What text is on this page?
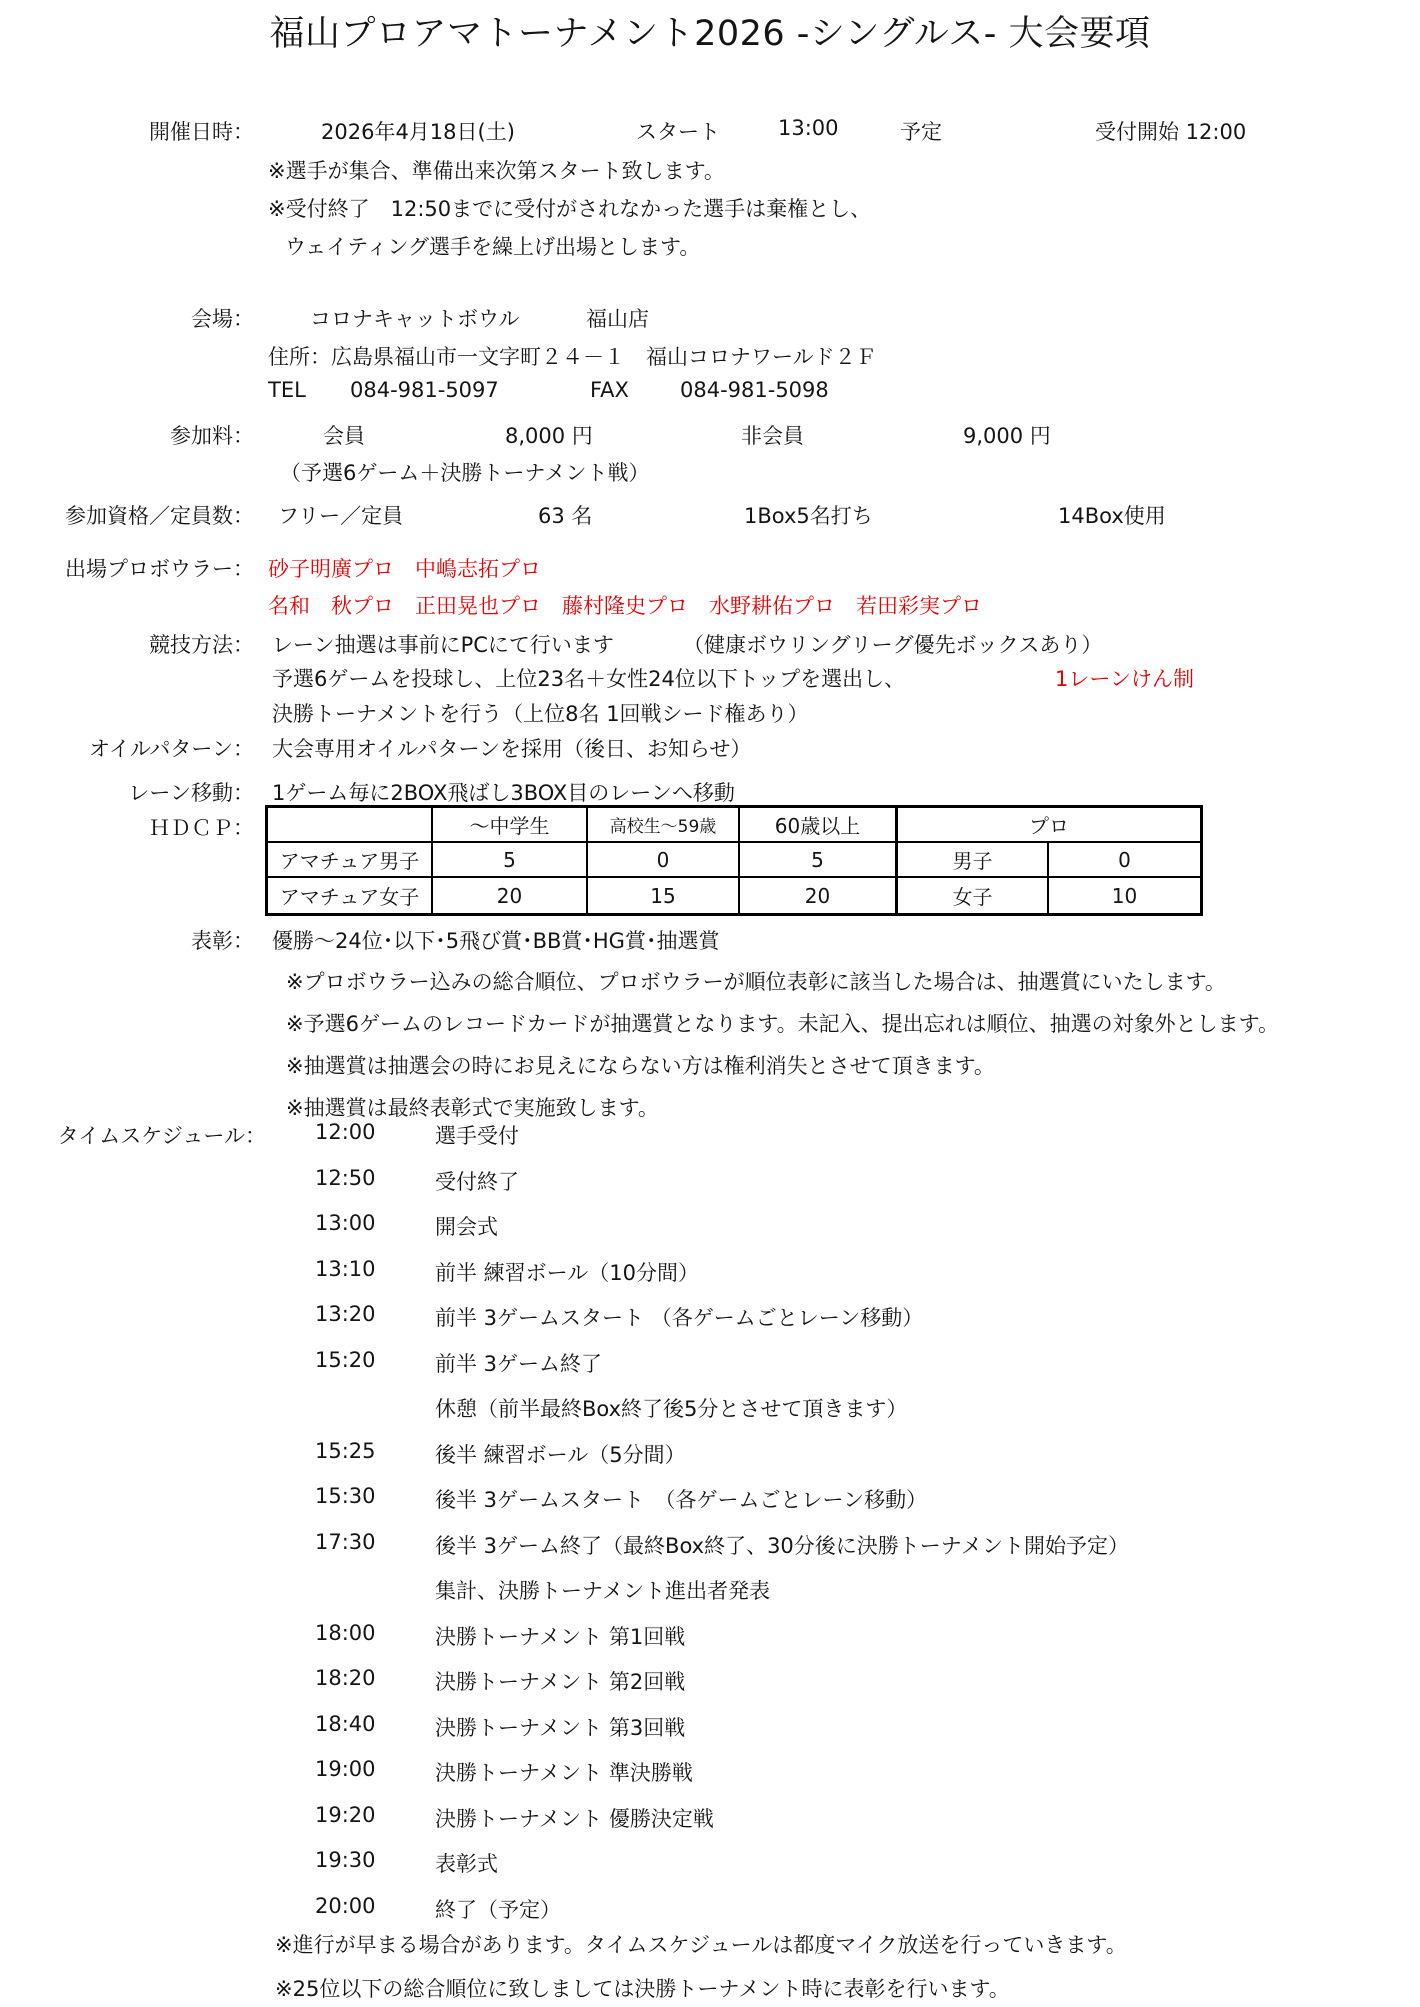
福山プロアマトーナメント2026 -シングルス- 大会要項

開催日時：

	2026年4月18日(土)

	スタート

	13:00

	予定

	受付開始 12:00

※選手が集合、準備出来次第スタート致します。

※受付終了　12:50までに受付がされなかった選手は棄権とし、

ウェイティング選手を繰上げ出場とします。

会場：

	コロナキャットボウル

	福山店

住所：広島県福山市一文字町２４－１　福山コロナワールド２Ｆ

TEL

084-981-5097

	FAX

084-981-5098

参加料：

	会員

	8,000 円

	非会員

	9,000 円

（予選6ゲーム＋決勝トーナメント戦）

参加資格／定員数：

フリー／定員

	63 名

	1Box5名打ち

	14Box使用

出場プロボウラー：

砂子明廣プロ　中嶋志拓プロ

名和　秋プロ　正田晃也プロ　藤村隆史プロ　水野耕佑プロ　若田彩実プロ

競技方法：

レーン抽選は事前にPCにて行います

	（健康ボウリングリーグ優先ボックスあり）

予選6ゲームを投球し、上位23名＋女性24位以下トップを選出し、

	1レーンけん制

決勝トーナメントを行う（上位8名 1回戦シード権あり）

オイルパターン：

大会専用オイルパターンを採用（後日、お知らせ）

レーン移動：

1ゲーム毎に2BOX飛ばし3BOX目のレーンへ移動

ＨＤＣＰ：

	～中学生	高校生～59歳	60歳以上	プロ
アマチュア男子	5	0	5	男子	0
アマチュア女子	20	15	20	女子	10

表彰：

優勝～24位･以下･5飛び賞･BB賞･HG賞･抽選賞

※プロボウラー込みの総合順位、プロボウラーが順位表彰に該当した場合は、抽選賞にいたします。

※予選6ゲームのレコードカードが抽選賞となります。未記入、提出忘れは順位、抽選の対象外とします。

※抽選賞は抽選会の時にお見えにならない方は権利消失とさせて頂きます。

※抽選賞は最終表彰式で実施致します。

タイムスケジュール：

12:00	選手受付
12:50	受付終了
13:00	開会式
13:10	前半 練習ボール（10分間）
13:20	前半 3ゲームスタート （各ゲームごとレーン移動）
15:20	前半 3ゲーム終了
休憩（前半最終Box終了後5分とさせて頂きます）
15:25	後半 練習ボール（5分間）
15:30	後半 3ゲームスタート　（各ゲームごとレーン移動）
17:30	後半 3ゲーム終了（最終Box終了、30分後に決勝トーナメント開始予定）
集計、決勝トーナメント進出者発表
18:00	決勝トーナメント 第1回戦
18:20	決勝トーナメント 第2回戦
18:40	決勝トーナメント 第3回戦
19:00	決勝トーナメント 準決勝戦
19:20	決勝トーナメント 優勝決定戦
19:30	表彰式
20:00	終了（予定）

※進行が早まる場合があります。タイムスケジュールは都度マイク放送を行っていきます。

※25位以下の総合順位に致しましては決勝トーナメント時に表彰を行います。
